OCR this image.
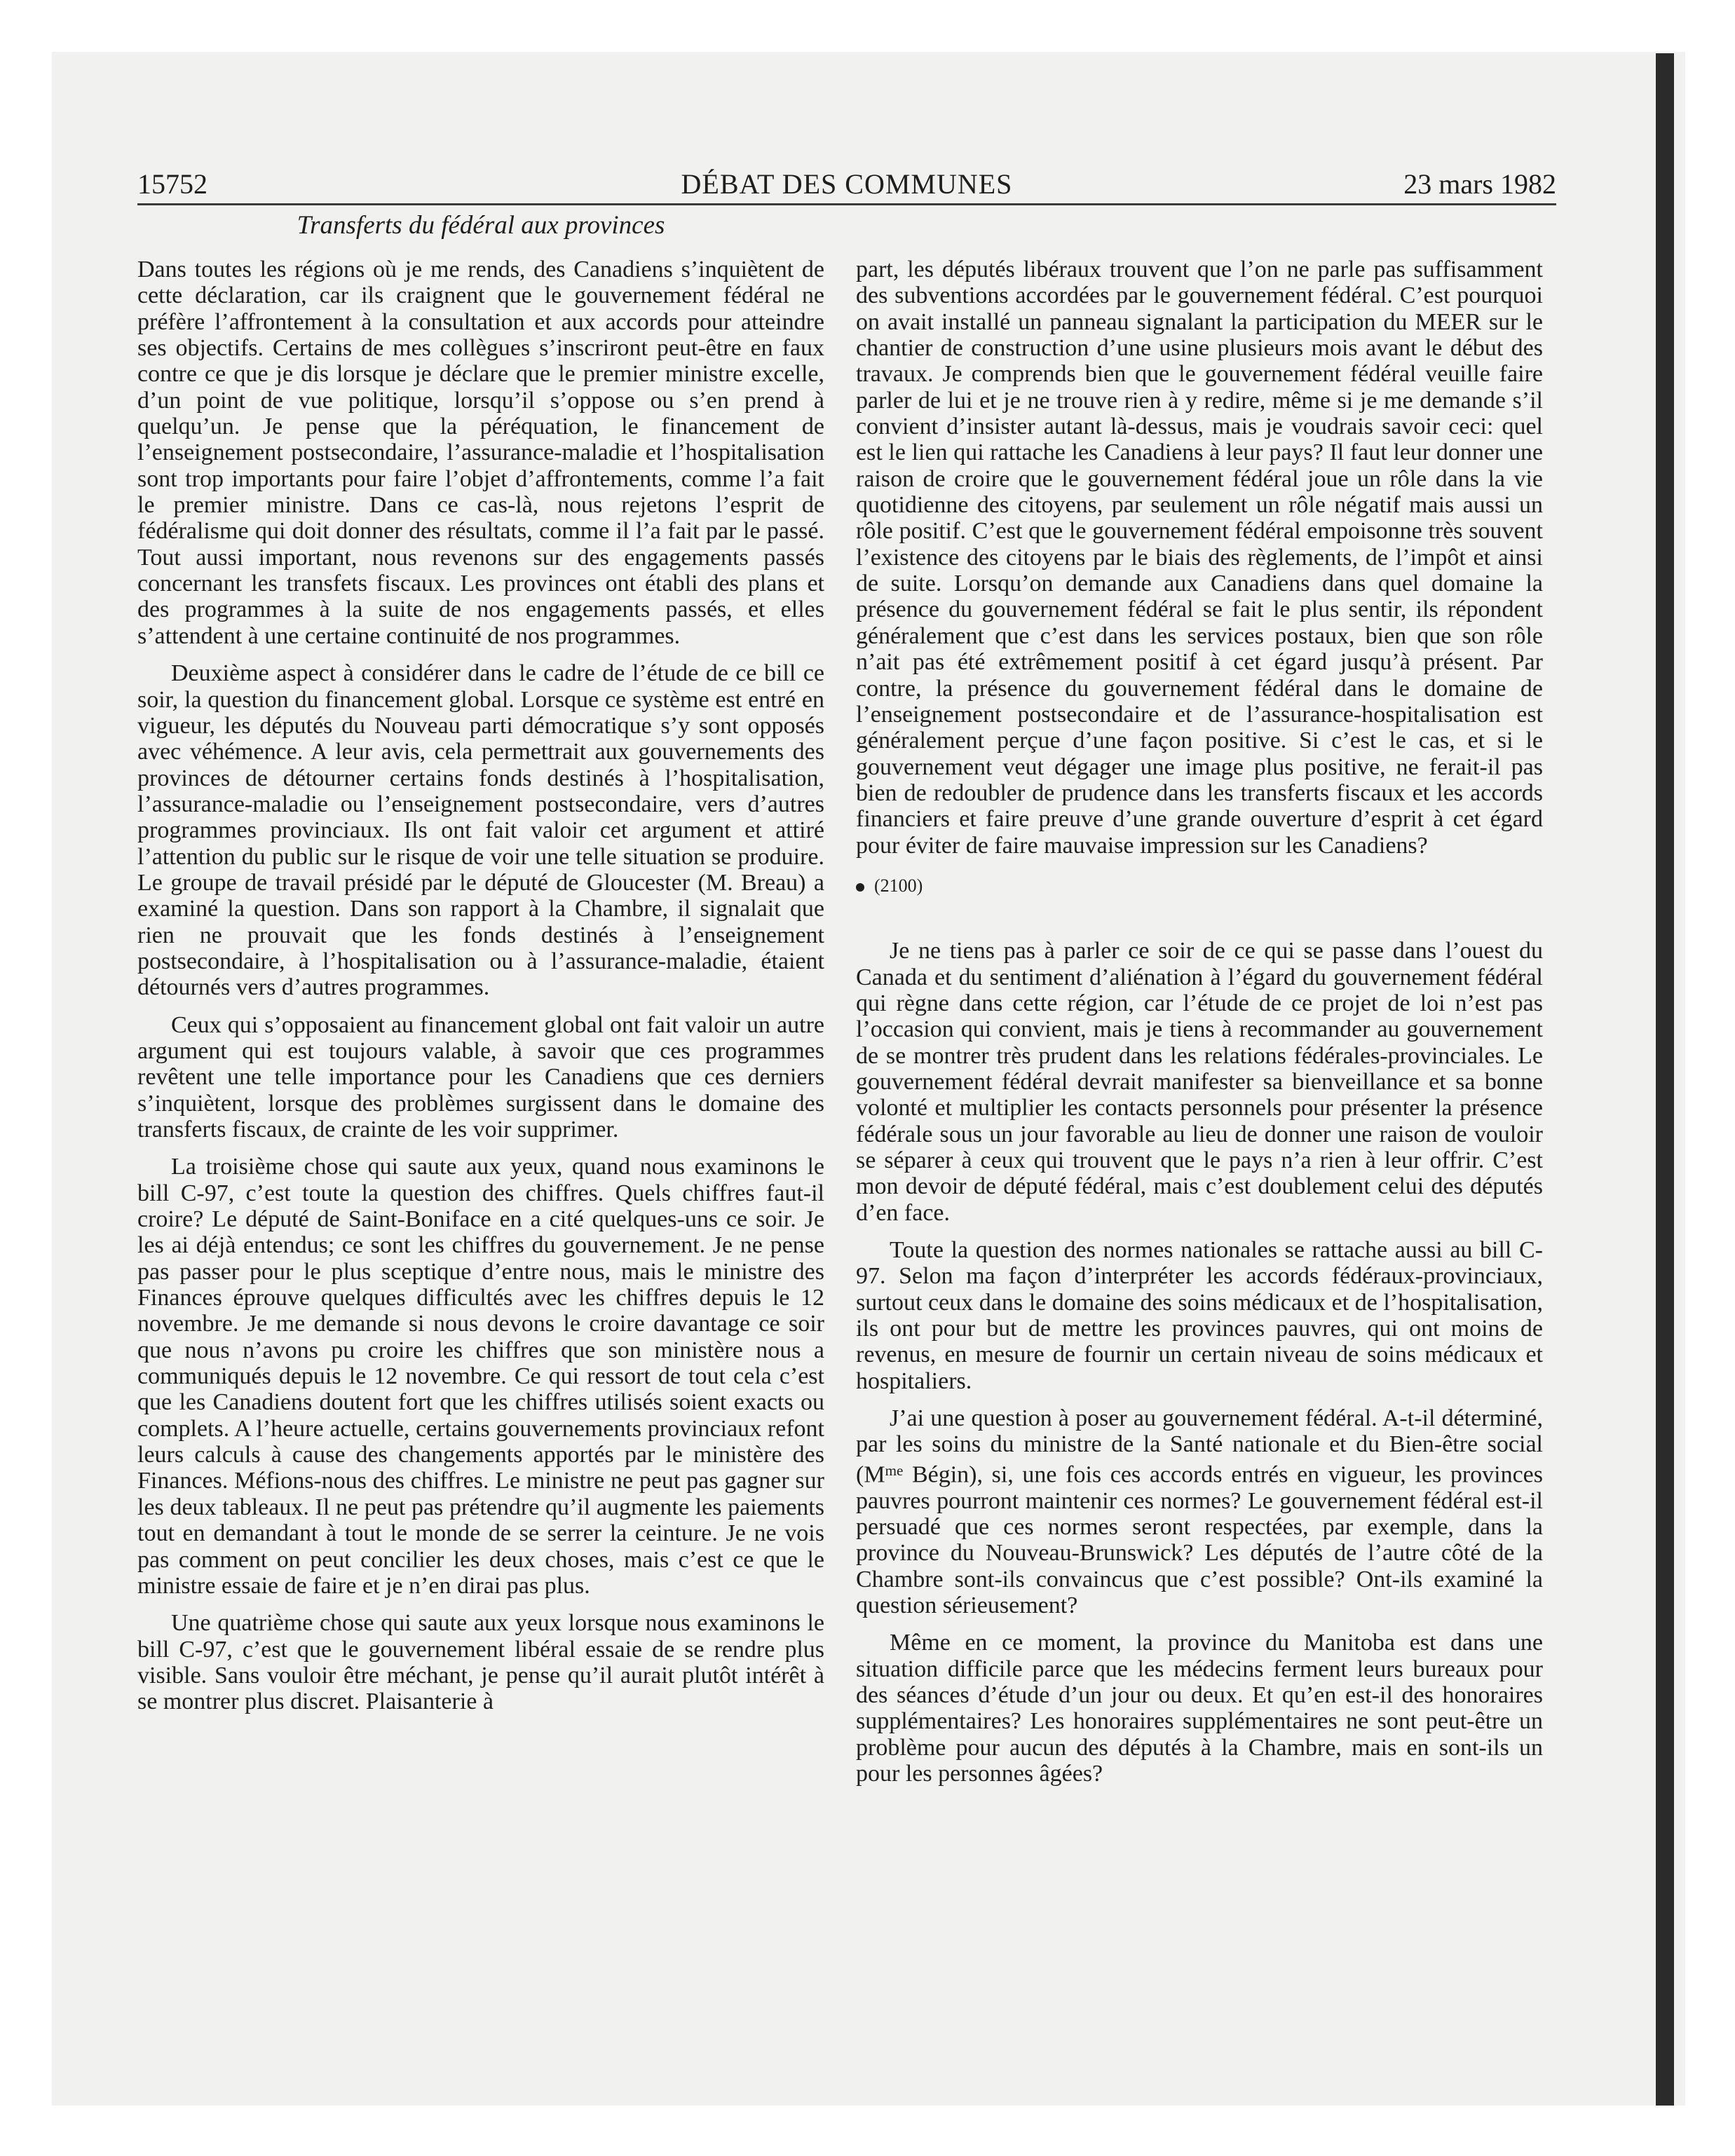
15752	DÉBAT DES COMMUNES	23 mars 1982
Transferts du fédéral aux provinces

Dans toutes les régions où je me rends, des Canadiens s’inquiètent de cette déclaration, car ils craignent que le gouvernement fédéral ne préfère l’affrontement à la consultation et aux accords pour atteindre ses objectifs. Certains de mes collègues s’inscriront peut-être en faux contre ce que je dis lorsque je déclare que le premier ministre excelle, d’un point de vue politique, lorsqu’il s’oppose ou s’en prend à quelqu’un. Je pense que la péréquation, le financement de l’enseignement postsecondaire, l’assurance-maladie et l’hospitalisation sont trop importants pour faire l’objet d’affrontements, comme l’a fait le premier ministre. Dans ce cas-là, nous rejetons l’esprit de fédéralisme qui doit donner des résultats, comme il l’a fait par le passé. Tout aussi important, nous revenons sur des engagements passés concernant les transfets fiscaux. Les provinces ont établi des plans et des programmes à la suite de nos engagements passés, et elles s’attendent à une certaine continuité de nos programmes.

Deuxième aspect à considérer dans le cadre de l’étude de ce bill ce soir, la question du financement global. Lorsque ce système est entré en vigueur, les députés du Nouveau parti démocratique s’y sont opposés avec véhémence. A leur avis, cela permettrait aux gouvernements des provinces de détourner certains fonds destinés à l’hospitalisation, l’assurance-maladie ou l’enseignement postsecondaire, vers d’autres programmes provinciaux. Ils ont fait valoir cet argument et attiré l’attention du public sur le risque de voir une telle situation se produire. Le groupe de travail présidé par le député de Gloucester (M. Breau) a examiné la question. Dans son rapport à la Chambre, il signalait que rien ne prouvait que les fonds destinés à l’enseignement postsecondaire, à l’hospitalisation ou à l’assurance-maladie, étaient détournés vers d’autres programmes.

Ceux qui s’opposaient au financement global ont fait valoir un autre argument qui est toujours valable, à savoir que ces programmes revêtent une telle importance pour les Canadiens que ces derniers s’inquiètent, lorsque des problèmes surgissent dans le domaine des transferts fiscaux, de crainte de les voir supprimer.

La troisième chose qui saute aux yeux, quand nous examinons le bill C-97, c’est toute la question des chiffres. Quels chiffres faut-il croire? Le député de Saint-Boniface en a cité quelques-uns ce soir. Je les ai déjà entendus; ce sont les chiffres du gouvernement. Je ne pense pas passer pour le plus sceptique d’entre nous, mais le ministre des Finances éprouve quelques difficultés avec les chiffres depuis le 12 novembre. Je me demande si nous devons le croire davantage ce soir que nous n’avons pu croire les chiffres que son ministère nous a communiqués depuis le 12 novembre. Ce qui ressort de tout cela c’est que les Canadiens doutent fort que les chiffres utilisés soient exacts ou complets. A l’heure actuelle, certains gouvernements provinciaux refont leurs calculs à cause des changements apportés par le ministère des Finances. Méfions-nous des chiffres. Le ministre ne peut pas gagner sur les deux tableaux. Il ne peut pas prétendre qu’il augmente les paiements tout en demandant à tout le monde de se serrer la ceinture. Je ne vois pas comment on peut concilier les deux choses, mais c’est ce que le ministre essaie de faire et je n’en dirai pas plus.

Une quatrième chose qui saute aux yeux lorsque nous examinons le bill C-97, c’est que le gouvernement libéral essaie de se rendre plus visible. Sans vouloir être méchant, je pense qu’il aurait plutôt intérêt à se montrer plus discret. Plaisanterie à

part, les députés libéraux trouvent que l’on ne parle pas suffisamment des subventions accordées par le gouvernement fédéral. C’est pourquoi on avait installé un panneau signalant la participation du MEER sur le chantier de construction d’une usine plusieurs mois avant le début des travaux. Je comprends bien que le gouvernement fédéral veuille faire parler de lui et je ne trouve rien à y redire, même si je me demande s’il convient d’insister autant là-dessus, mais je voudrais savoir ceci: quel est le lien qui rattache les Canadiens à leur pays? Il faut leur donner une raison de croire que le gouvernement fédéral joue un rôle dans la vie quotidienne des citoyens, par seulement un rôle négatif mais aussi un rôle positif. C’est que le gouvernement fédéral empoisonne très souvent l’existence des citoyens par le biais des règlements, de l’impôt et ainsi de suite. Lorsqu’on demande aux Canadiens dans quel domaine la présence du gouvernement fédéral se fait le plus sentir, ils répondent généralement que c’est dans les services postaux, bien que son rôle n’ait pas été extrêmement positif à cet égard jusqu’à présent. Par contre, la présence du gouvernement fédéral dans le domaine de l’enseignement postsecondaire et de l’assurance-hospitalisation est généralement perçue d’une façon positive. Si c’est le cas, et si le gouvernement veut dégager une image plus positive, ne ferait-il pas bien de redoubler de prudence dans les transferts fiscaux et les accords financiers et faire preuve d’une grande ouverture d’esprit à cet égard pour éviter de faire mauvaise impression sur les Canadiens?

(2100)

Je ne tiens pas à parler ce soir de ce qui se passe dans l’ouest du Canada et du sentiment d’aliénation à l’égard du gouvernement fédéral qui règne dans cette région, car l’étude de ce projet de loi n’est pas l’occasion qui convient, mais je tiens à recommander au gouvernement de se montrer très prudent dans les relations fédérales-provinciales. Le gouvernement fédéral devrait manifester sa bienveillance et sa bonne volonté et multiplier les contacts personnels pour présenter la présence fédérale sous un jour favorable au lieu de donner une raison de vouloir se séparer à ceux qui trouvent que le pays n’a rien à leur offrir. C’est mon devoir de député fédéral, mais c’est doublement celui des députés d’en face.

Toute la question des normes nationales se rattache aussi au bill C-97. Selon ma façon d’interpréter les accords fédéraux-provinciaux, surtout ceux dans le domaine des soins médicaux et de l’hospitalisation, ils ont pour but de mettre les provinces pauvres, qui ont moins de revenus, en mesure de fournir un certain niveau de soins médicaux et hospitaliers.

J’ai une question à poser au gouvernement fédéral. A-t-il déterminé, par les soins du ministre de la Santé nationale et du Bien-être social ($M^{me}$ Bégin), si, une fois ces accords entrés en vigueur, les provinces pauvres pourront maintenir ces normes? Le gouvernement fédéral est-il persuadé que ces normes seront respectées, par exemple, dans la province du Nouveau-Brunswick? Les députés de l’autre côté de la Chambre sont-ils convaincus que c’est possible? Ont-ils examiné la question sérieusement?

Même en ce moment, la province du Manitoba est dans une situation difficile parce que les médecins ferment leurs bureaux pour des séances d’étude d’un jour ou deux. Et qu’en est-il des honoraires supplémentaires? Les honoraires supplémentaires ne sont peut-être un problème pour aucun des députés à la Chambre, mais en sont-ils un pour les personnes âgées?
